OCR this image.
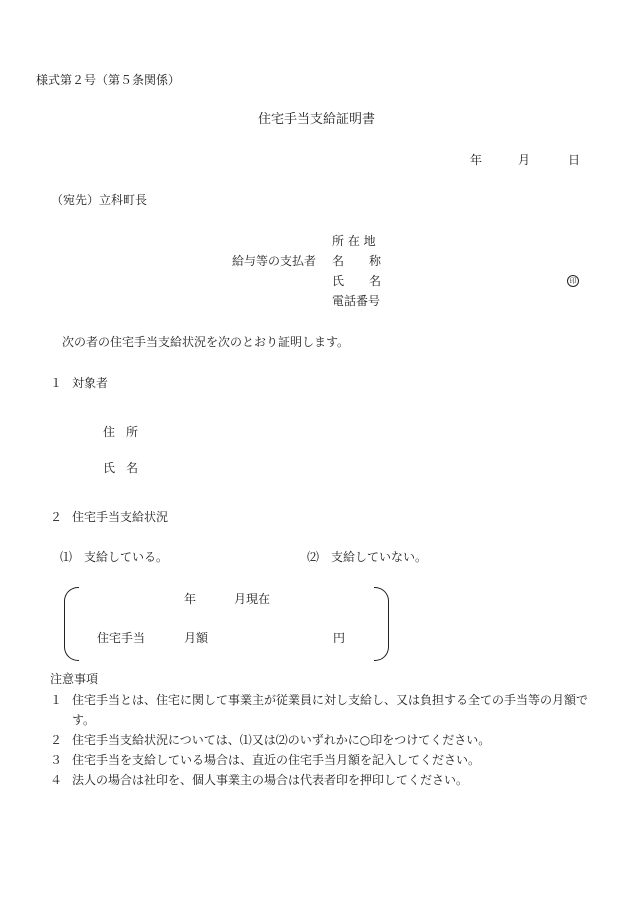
様式第２号（第５条関係）
住宅手当支給証明書
年	月	日
（宛先）立科町長
所 在 地
給与等の支払者 名 称
氏 名	印
電話番号
次の者の住宅手当支給状況を次のとおり証明します。
１ 対象者
住 所
氏 名
２ 住宅手当支給状況
⑴　支給している。	⑵　支給していない。
年	月現在
住宅手当	月額	円
注意事項
１ 住宅手当とは、住宅に関して事業主が従業員に対し支給し、又は負担する全ての手当等の月額です。
２ 住宅手当支給状況については、⑴又は⑵のいずれかに○印をつけてください。
３ 住宅手当を支給している場合は、直近の住宅手当月額を記入してください。
４ 法人の場合は社印を、個人事業主の場合は代表者印を押印してください。
